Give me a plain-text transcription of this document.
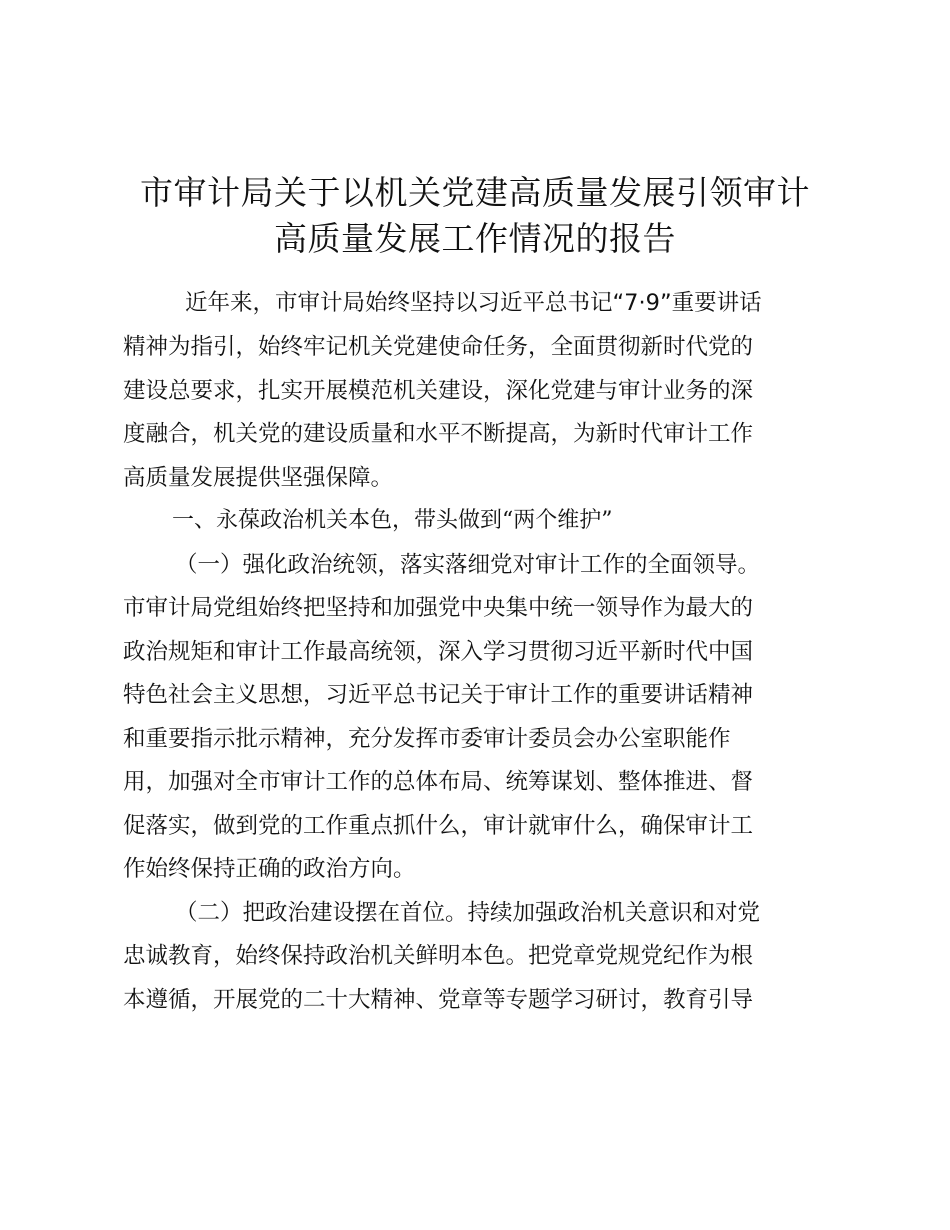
市审计局关于以机关党建高质量发展引领审计
高质量发展工作情况的报告

近年来，市审计局始终坚持以习近平总书记“7·9”重要讲话

精神为指引，始终牢记机关党建使命任务，全面贯彻新时代党的

建设总要求，扎实开展模范机关建设，深化党建与审计业务的深

度融合，机关党的建设质量和水平不断提高，为新时代审计工作

高质量发展提供坚强保障。

一、永葆政治机关本色，带头做到“两个维护”

（一）强化政治统领，落实落细党对审计工作的全面领导。

市审计局党组始终把坚持和加强党中央集中统一领导作为最大的

政治规矩和审计工作最高统领，深入学习贯彻习近平新时代中国

特色社会主义思想，习近平总书记关于审计工作的重要讲话精神

和重要指示批示精神，充分发挥市委审计委员会办公室职能作

用，加强对全市审计工作的总体布局、统筹谋划、整体推进、督

促落实，做到党的工作重点抓什么，审计就审什么，确保审计工

作始终保持正确的政治方向。

（二）把政治建设摆在首位。持续加强政治机关意识和对党

忠诚教育，始终保持政治机关鲜明本色。把党章党规党纪作为根

本遵循，开展党的二十大精神、党章等专题学习研讨，教育引导
